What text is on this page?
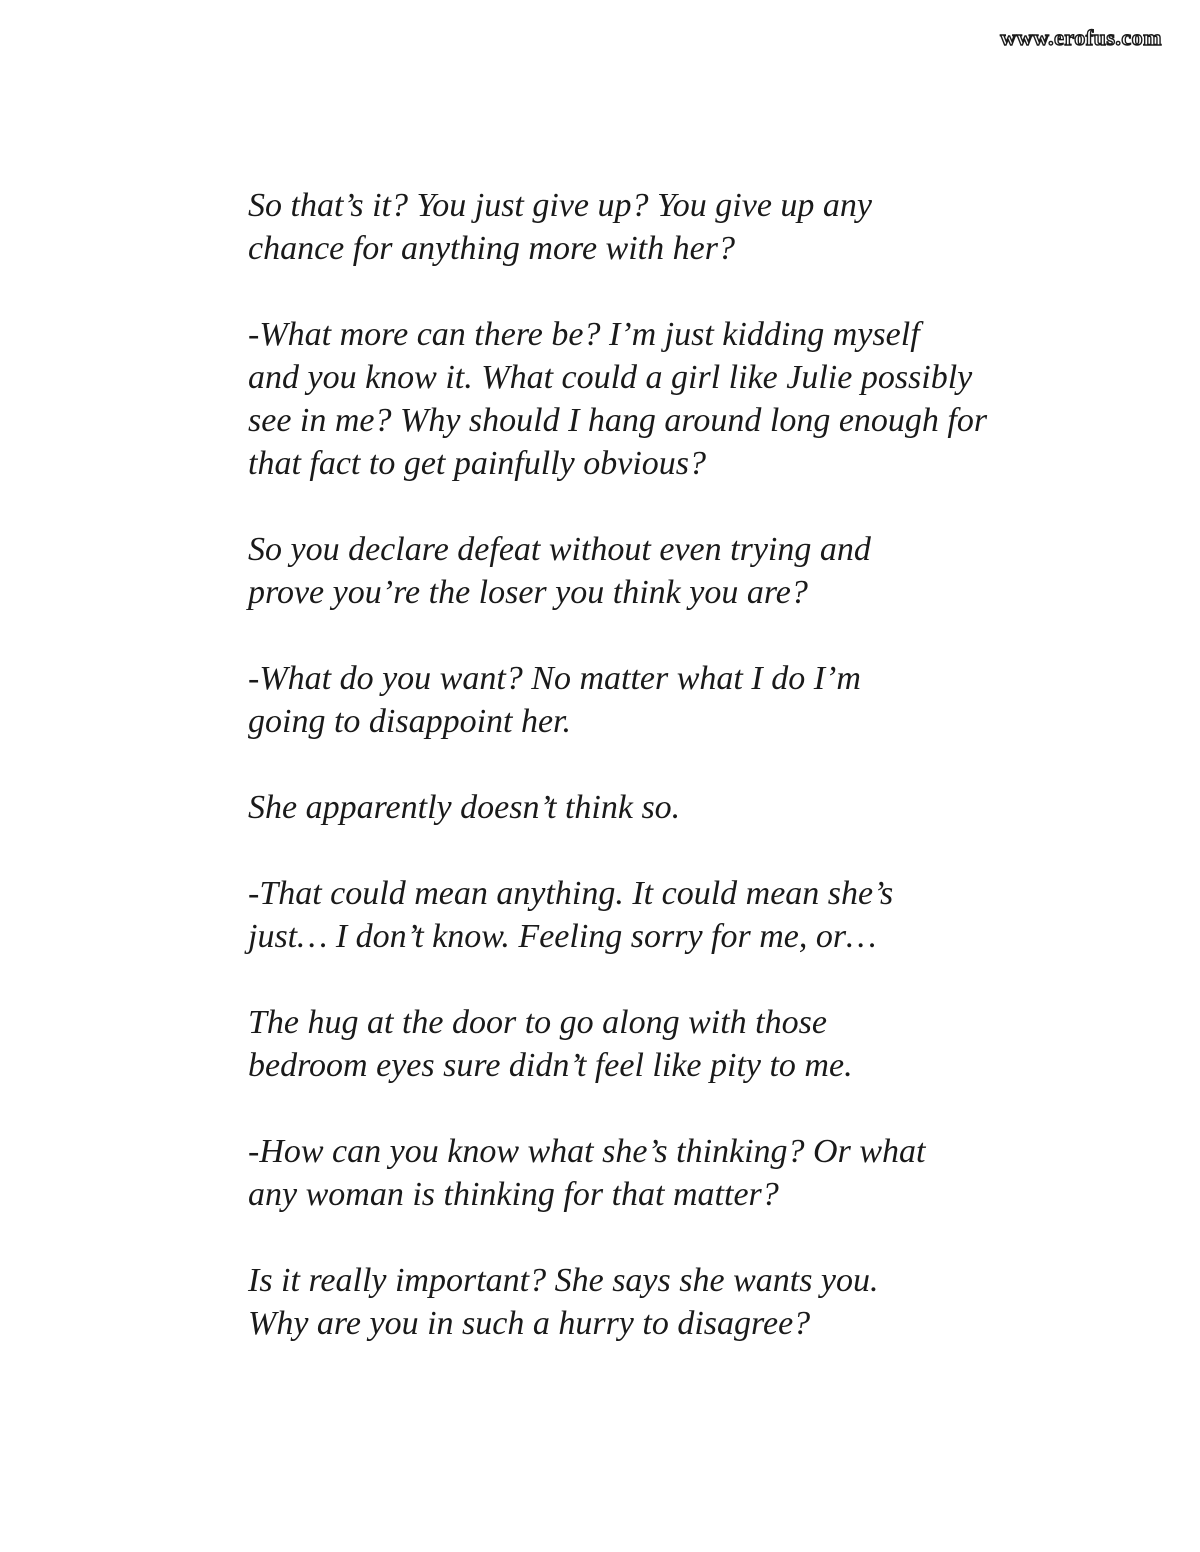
www.erofus.com

So that’s it? You just give up? You give up any
chance for anything more with her?

-What more can there be? I’m just kidding myself
and you know it. What could a girl like Julie possibly
see in me? Why should I hang around long enough for
that fact to get painfully obvious?

So you declare defeat without even trying and
prove you’re the loser you think you are?

-What do you want? No matter what I do I’m
going to disappoint her.

She apparently doesn’t think so.

-That could mean anything. It could mean she’s
just… I don’t know. Feeling sorry for me, or…

The hug at the door to go along with those
bedroom eyes sure didn’t feel like pity to me.

-How can you know what she’s thinking? Or what
any woman is thinking for that matter?

Is it really important? She says she wants you.
Why are you in such a hurry to disagree?
